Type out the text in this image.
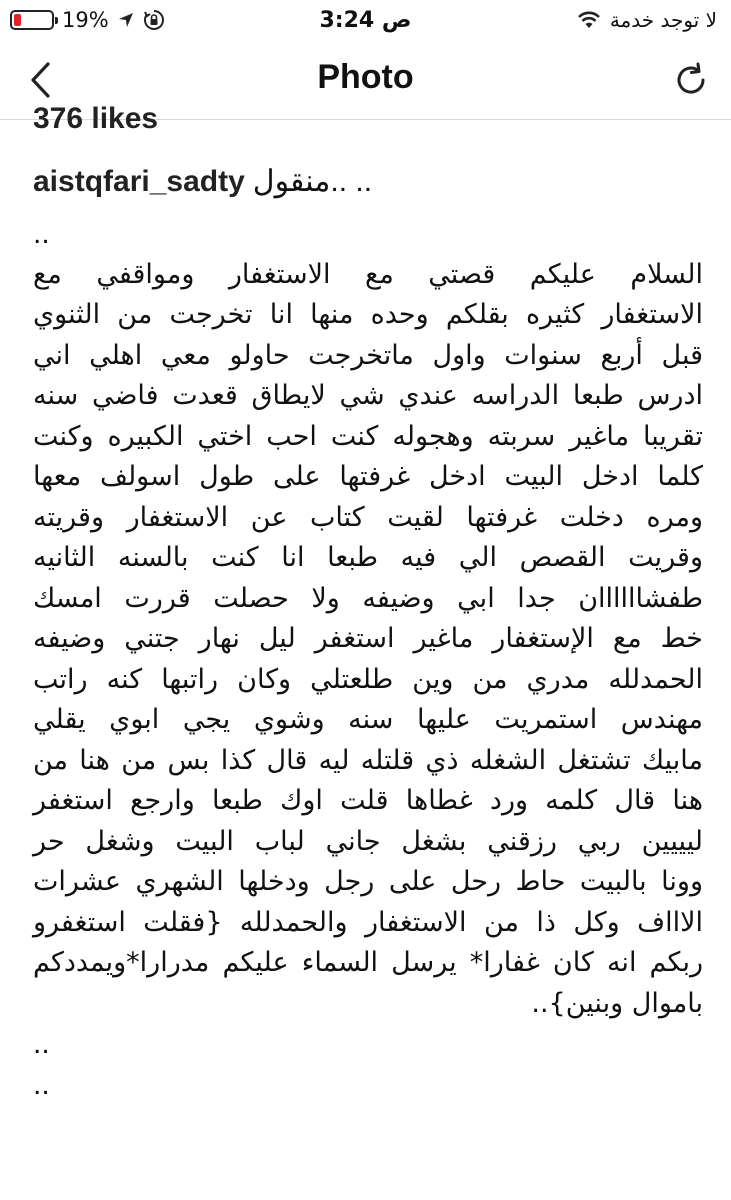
19%	3:24 ص	لا توجد خدمة
Photo
376 likes
aistqfari_sadty .. ..منقول
..
السلام عليكم قصتي مع الاستغفار ومواقفي مع
الاستغفار كثيره بقلكم وحده منها انا تخرجت من الثنوي
قبل أربع سنوات واول ماتخرجت حاولو معي اهلي اني
ادرس طبعا الدراسه عندي شي لايطاق قعدت فاضي سنه
تقريبا ماغير سربته وهجوله كنت احب اختي الكبيره وكنت
كلما ادخل البيت ادخل غرفتها على طول اسولف معها
ومره دخلت غرفتها لقيت كتاب عن الاستغفار وقريته
وقريت القصص الي فيه طبعا انا كنت بالسنه الثانيه
طفشاااااان جدا ابي وضيفه ولا حصلت قررت امسك
خط مع الإستغفار ماغير استغفر ليل نهار جتني وضيفه
الحمدلله مدري من وين طلعتلي وكان راتبها كنه راتب
مهندس استمريت عليها سنه وشوي يجي ابوي يقلي
مابيك تشتغل الشغله ذي قلتله ليه قال كذا بس من هنا من
هنا قال كلمه ورد غطاها قلت اوك طبعا وارجع استغفر
ليييين ربي رزقني بشغل جاني لباب البيت وشغل حر
وونا بالبيت حاط رحل على رجل ودخلها الشهري عشرات
الاااف وكل ذا من الاستغفار والحمدلله {فقلت استغفرو
ربكم انه كان غفارا* يرسل السماء عليكم مدرارا*ويمددكم
باموال وبنين}..
..
..
